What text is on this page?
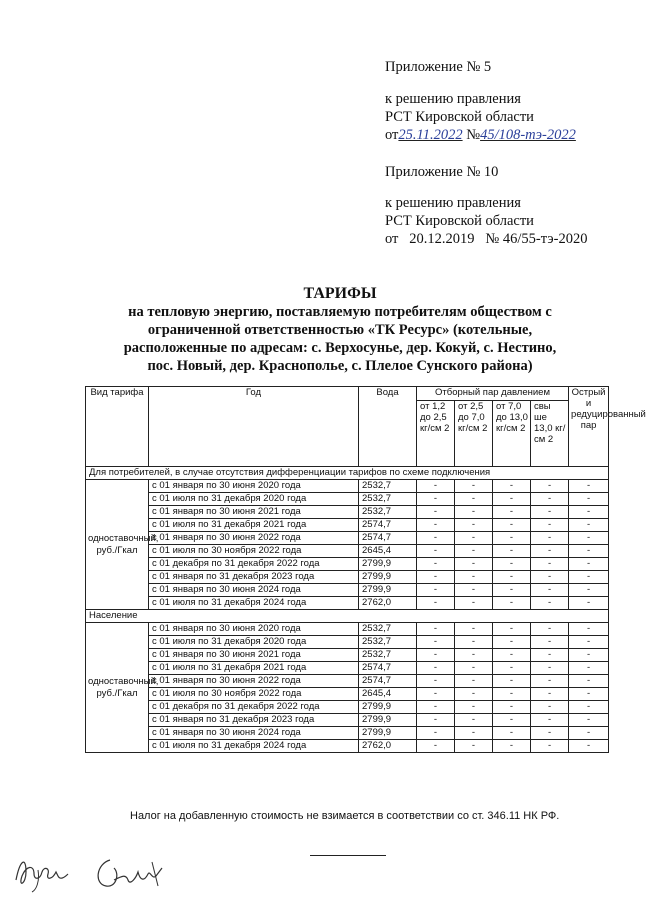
Приложение № 5
к решению правления
РСТ Кировской области
от25.11.2022 №45/108-тэ-2022
Приложение № 10
к решению правления
РСТ Кировской области
от   20.12.2019   № 46/55-тэ-2020
ТАРИФЫ
на тепловую энергию, поставляемую потребителям обществом с
ограниченной ответственностью «ТК Ресурс» (котельные,
расположенные по адресам: с. Верхосунье, дер. Кокуй, с. Нестино,
пос. Новый, дер. Краснополье, с. Плелое Сунского района)
Вид тарифа	Год	Вода	Отборный пар давлением				Острый и редуцированный пар
			от 1,2 до 2,5 кг/см 2	от 2,5 до 7,0 кг/см 2	от 7,0 до 13,0 кг/см 2	свы ше 13,0 кг/см 2	
Для потребителей, в случае отсутствия дифференциации тарифов по схеме подключения							
одноставочный, руб./Гкал	с 01 января по 30 июня 2020 года	2532,7	-	-	-	-	-
	с 01 июля по 31 декабря 2020 года	2532,7	-	-	-	-	-
	с 01 января по 30 июня 2021 года	2532,7	-	-	-	-	-
	с 01 июля по 31 декабря 2021 года	2574,7	-	-	-	-	-
	с 01 января по 30 июня 2022 года	2574,7	-	-	-	-	-
	с 01 июля по 30 ноября 2022 года	2645,4	-	-	-	-	-
	с 01 декабря по 31 декабря 2022 года	2799,9	-	-	-	-	-
	с 01 января по 31 декабря 2023 года	2799,9	-	-	-	-	-
	с 01 января по 30 июня 2024 года	2799,9	-	-	-	-	-
	с 01 июля по 31 декабря 2024 года	2762,0	-	-	-	-	-
Население							
одноставочный, руб./Гкал	с 01 января по 30 июня 2020 года	2532,7	-	-	-	-	-
	с 01 июля по 31 декабря 2020 года	2532,7	-	-	-	-	-
	с 01 января по 30 июня 2021 года	2532,7	-	-	-	-	-
	с 01 июля по 31 декабря 2021 года	2574,7	-	-	-	-	-
	с 01 января по 30 июня 2022 года	2574,7	-	-	-	-	-
	с 01 июля по 30 ноября 2022 года	2645,4	-	-	-	-	-
	с 01 декабря по 31 декабря 2022 года	2799,9	-	-	-	-	-
	с 01 января по 31 декабря 2023 года	2799,9	-	-	-	-	-
	с 01 января по 30 июня 2024 года	2799,9	-	-	-	-	-
	с 01 июля по 31 декабря 2024 года	2762,0	-	-	-	-	-
Налог на добавленную стоимость не взимается в соответствии со ст. 346.11 НК РФ.
